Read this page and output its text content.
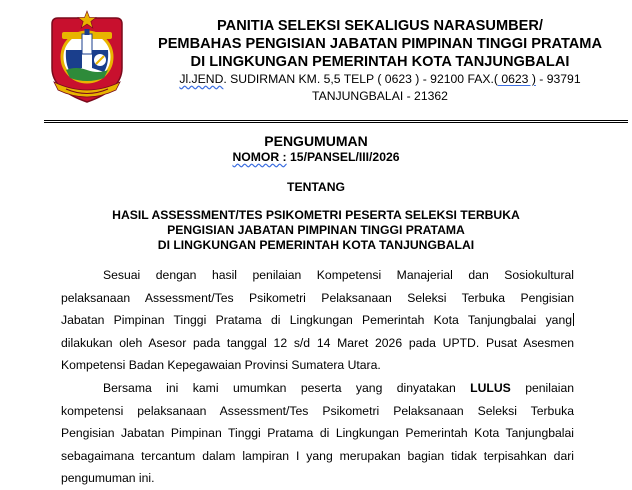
PANITIA SELEKSI SEKALIGUS NARASUMBER/
PEMBAHAS PENGISIAN JABATAN PIMPINAN TINGGI PRATAMA
DI LINGKUNGAN PEMERINTAH KOTA TANJUNGBALAI
Jl.JEND. SUDIRMAN KM. 5,5 TELP ( 0623 ) - 92100 FAX.( 0623 ) - 93791
TANJUNGBALAI - 21362
PENGUMUMAN
NOMOR : 15/PANSEL/III/2026
TENTANG
HASIL ASSESSMENT/TES PSIKOMETRI PESERTA SELEKSI TERBUKA
PENGISIAN JABATAN PIMPINAN TINGGI PRATAMA
DI LINGKUNGAN PEMERINTAH KOTA TANJUNGBALAI
Sesuai dengan hasil penilaian Kompetensi Manajerial dan Sosiokultural
pelaksanaan Assessment/Tes Psikometri Pelaksanaan Seleksi Terbuka Pengisian
Jabatan Pimpinan Tinggi Pratama di Lingkungan Pemerintah Kota Tanjungbalai yang
dilakukan oleh Asesor pada tanggal 12 s/d 14 Maret 2026 pada UPTD. Pusat Asesmen
Kompetensi Badan Kepegawaian Provinsi Sumatera Utara.
Bersama ini kami umumkan peserta yang dinyatakan LULUS penilaian
kompetensi pelaksanaan Assessment/Tes Psikometri Pelaksanaan Seleksi Terbuka
Pengisian Jabatan Pimpinan Tinggi Pratama di Lingkungan Pemerintah Kota Tanjungbalai
sebagaimana tercantum dalam lampiran I yang merupakan bagian tidak terpisahkan dari
pengumuman ini.
